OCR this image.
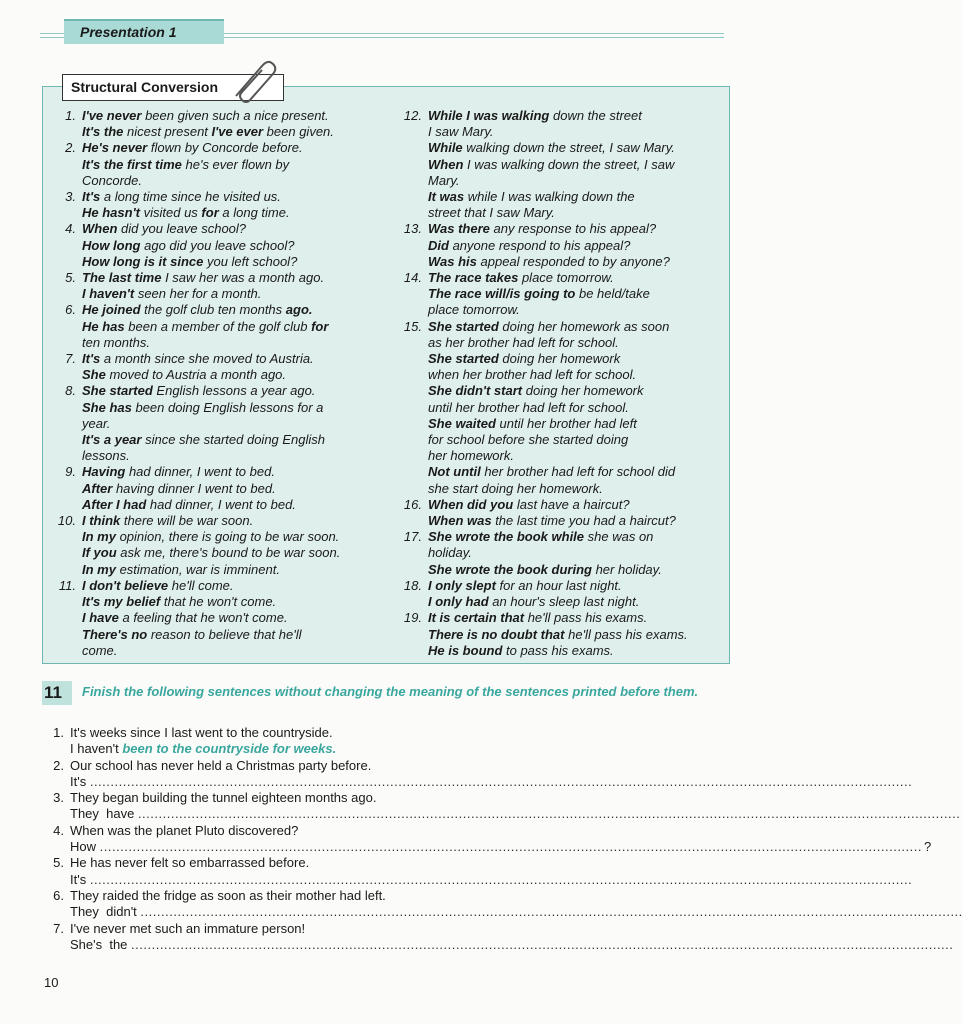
Presentation 1
Structural Conversion
1. I've never been given such a nice present.
It's the nicest present I've ever been given.
2. He's never flown by Concorde before.
It's the first time he's ever flown by
Concorde.
3. It's a long time since he visited us.
He hasn't visited us for a long time.
4. When did you leave school?
How long ago did you leave school?
How long is it since you left school?
5. The last time I saw her was a month ago.
I haven't seen her for a month.
6. He joined the golf club ten months ago.
He has been a member of the golf club for
ten months.
7. It's a month since she moved to Austria.
She moved to Austria a month ago.
8. She started English lessons a year ago.
She has been doing English lessons for a
year.
It's a year since she started doing English
lessons.
9. Having had dinner, I went to bed.
After having dinner I went to bed.
After I had had dinner, I went to bed.
10. I think there will be war soon.
In my opinion, there is going to be war soon.
If you ask me, there's bound to be war soon.
In my estimation, war is imminent.
11. I don't believe he'll come.
It's my belief that he won't come.
I have a feeling that he won't come.
There's no reason to believe that he'll
come.
12. While I was walking down the street
I saw Mary.
While walking down the street, I saw Mary.
When I was walking down the street, I saw
Mary.
It was while I was walking down the
street that I saw Mary.
13. Was there any response to his appeal?
Did anyone respond to his appeal?
Was his appeal responded to by anyone?
14. The race takes place tomorrow.
The race will/is going to be held/take
place tomorrow.
15. She started doing her homework as soon
as her brother had left for school.
She started doing her homework
when her brother had left for school.
She didn't start doing her homework
until her brother had left for school.
She waited until her brother had left
for school before she started doing
her homework.
Not until her brother had left for school did
she start doing her homework.
16. When did you last have a haircut?
When was the last time you had a haircut?
17. She wrote the book while she was on
holiday.
She wrote the book during her holiday.
18. I only slept for an hour last night.
I only had an hour's sleep last night.
19. It is certain that he'll pass his exams.
There is no doubt that he'll pass his exams.
He is bound to pass his exams.
11	Finish the following sentences without changing the meaning of the sentences printed before them.
1. It's weeks since I last went to the countryside.
I haven't been to the countryside for weeks.
2. Our school has never held a Christmas party before.
It's ........................................................................................................................................................................................................
3. They began building the tunnel eighteen months ago.
They  have ........................................................................................................................................................................................................
4. When was the planet Pluto discovered?
How ........................................................................................................................................................................................................ ?
5. He has never felt so embarrassed before.
It's ........................................................................................................................................................................................................
6. They raided the fridge as soon as their mother had left.
They  didn't ........................................................................................................................................................................................................
7. I've never met such an immature person!
She's  the ........................................................................................................................................................................................................
10
